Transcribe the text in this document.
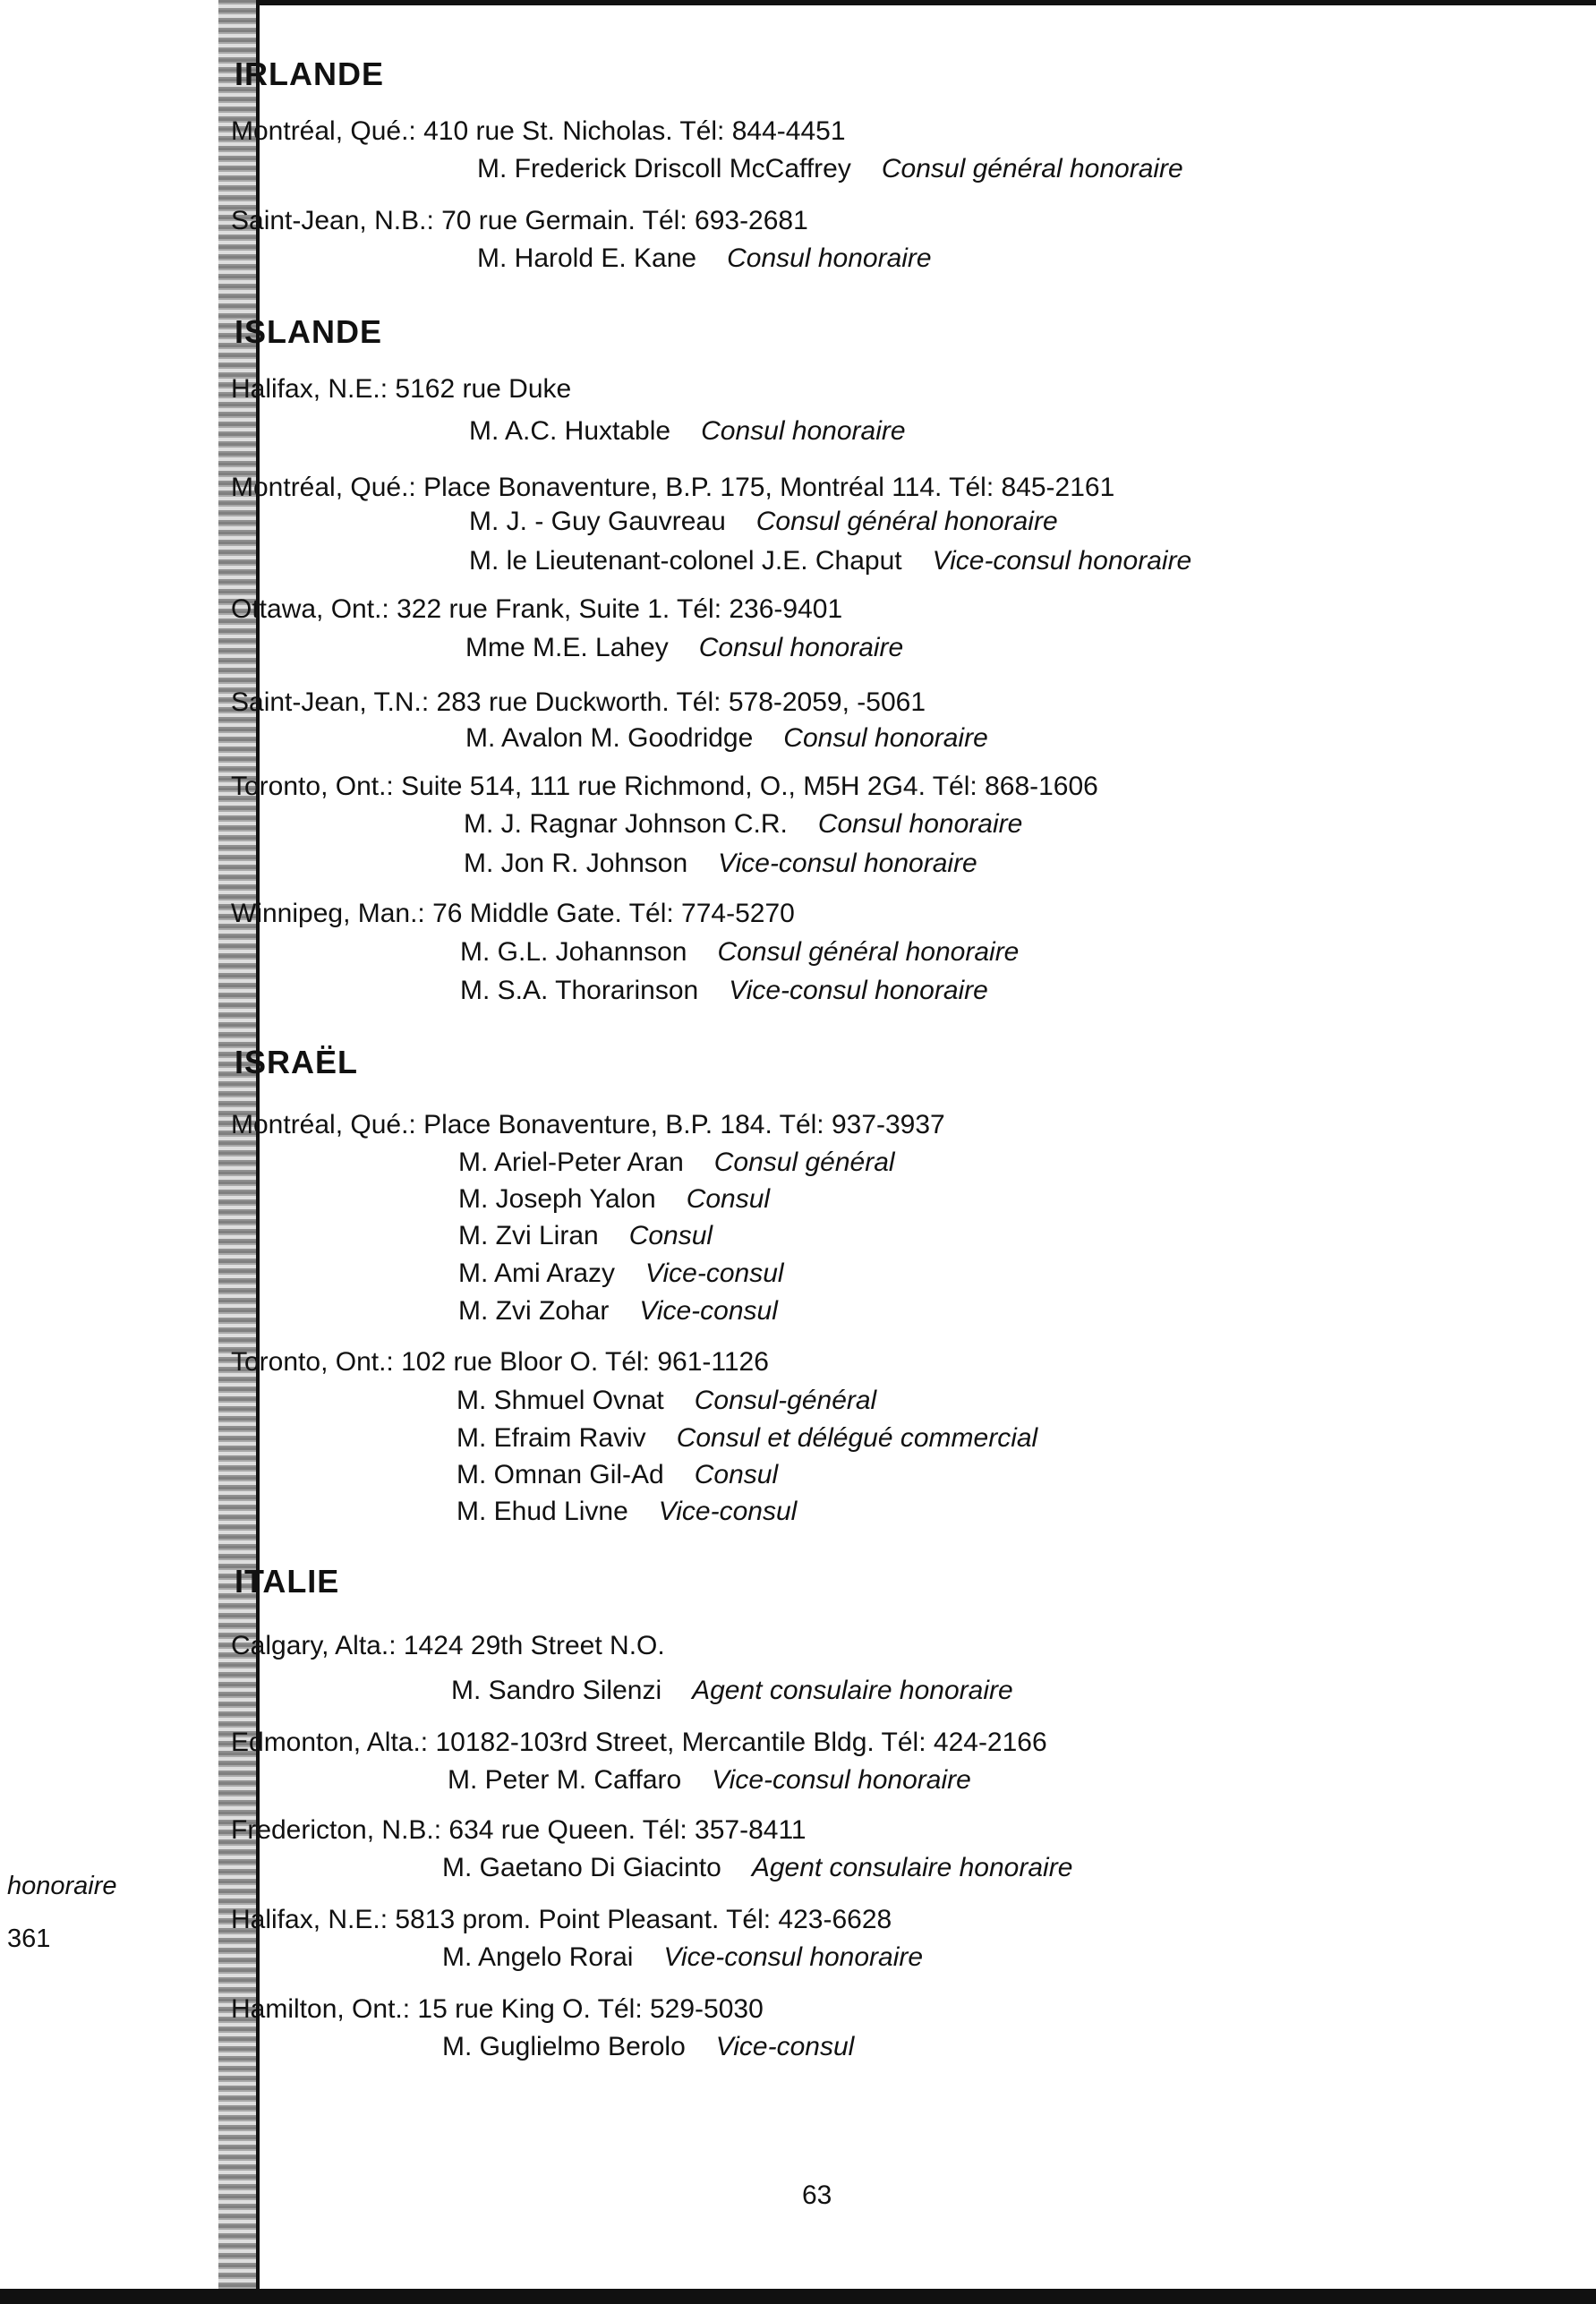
honoraire
361
IRLANDE
Montréal, Qué.: 410 rue St. Nicholas. Tél: 844-4451
M. Frederick Driscoll McCaffrey Consul général honoraire
Saint-Jean, N.B.: 70 rue Germain. Tél: 693-2681
M. Harold E. Kane Consul honoraire
ISLANDE
Halifax, N.E.: 5162 rue Duke
M. A.C. Huxtable Consul honoraire
Montréal, Qué.: Place Bonaventure, B.P. 175, Montréal 114. Tél: 845-2161
M. J. - Guy Gauvreau Consul général honoraire
M. le Lieutenant-colonel J.E. Chaput Vice-consul honoraire
Ottawa, Ont.: 322 rue Frank, Suite 1. Tél: 236-9401
Mme M.E. Lahey Consul honoraire
Saint-Jean, T.N.: 283 rue Duckworth. Tél: 578-2059, -5061
M. Avalon M. Goodridge Consul honoraire
Toronto, Ont.: Suite 514, 111 rue Richmond, O., M5H 2G4. Tél: 868-1606
M. J. Ragnar Johnson C.R. Consul honoraire
M. Jon R. Johnson Vice-consul honoraire
Winnipeg, Man.: 76 Middle Gate. Tél: 774-5270
M. G.L. Johannson Consul général honoraire
M. S.A. Thorarinson Vice-consul honoraire
ISRAËL
Montréal, Qué.: Place Bonaventure, B.P. 184. Tél: 937-3937
M. Ariel-Peter Aran Consul général
M. Joseph Yalon Consul
M. Zvi Liran Consul
M. Ami Arazy Vice-consul
M. Zvi Zohar Vice-consul
Toronto, Ont.: 102 rue Bloor O. Tél: 961-1126
M. Shmuel Ovnat Consul-général
M. Efraim Raviv Consul et délégué commercial
M. Omnan Gil-Ad Consul
M. Ehud Livne Vice-consul
ITALIE
Calgary, Alta.: 1424 29th Street N.O.
M. Sandro Silenzi Agent consulaire honoraire
Edmonton, Alta.: 10182-103rd Street, Mercantile Bldg. Tél: 424-2166
M. Peter M. Caffaro Vice-consul honoraire
Fredericton, N.B.: 634 rue Queen. Tél: 357-8411
M. Gaetano Di Giacinto Agent consulaire honoraire
Halifax, N.E.: 5813 prom. Point Pleasant. Tél: 423-6628
M. Angelo Rorai Vice-consul honoraire
Hamilton, Ont.: 15 rue King O. Tél: 529-5030
M. Guglielmo Berolo Vice-consul
63
